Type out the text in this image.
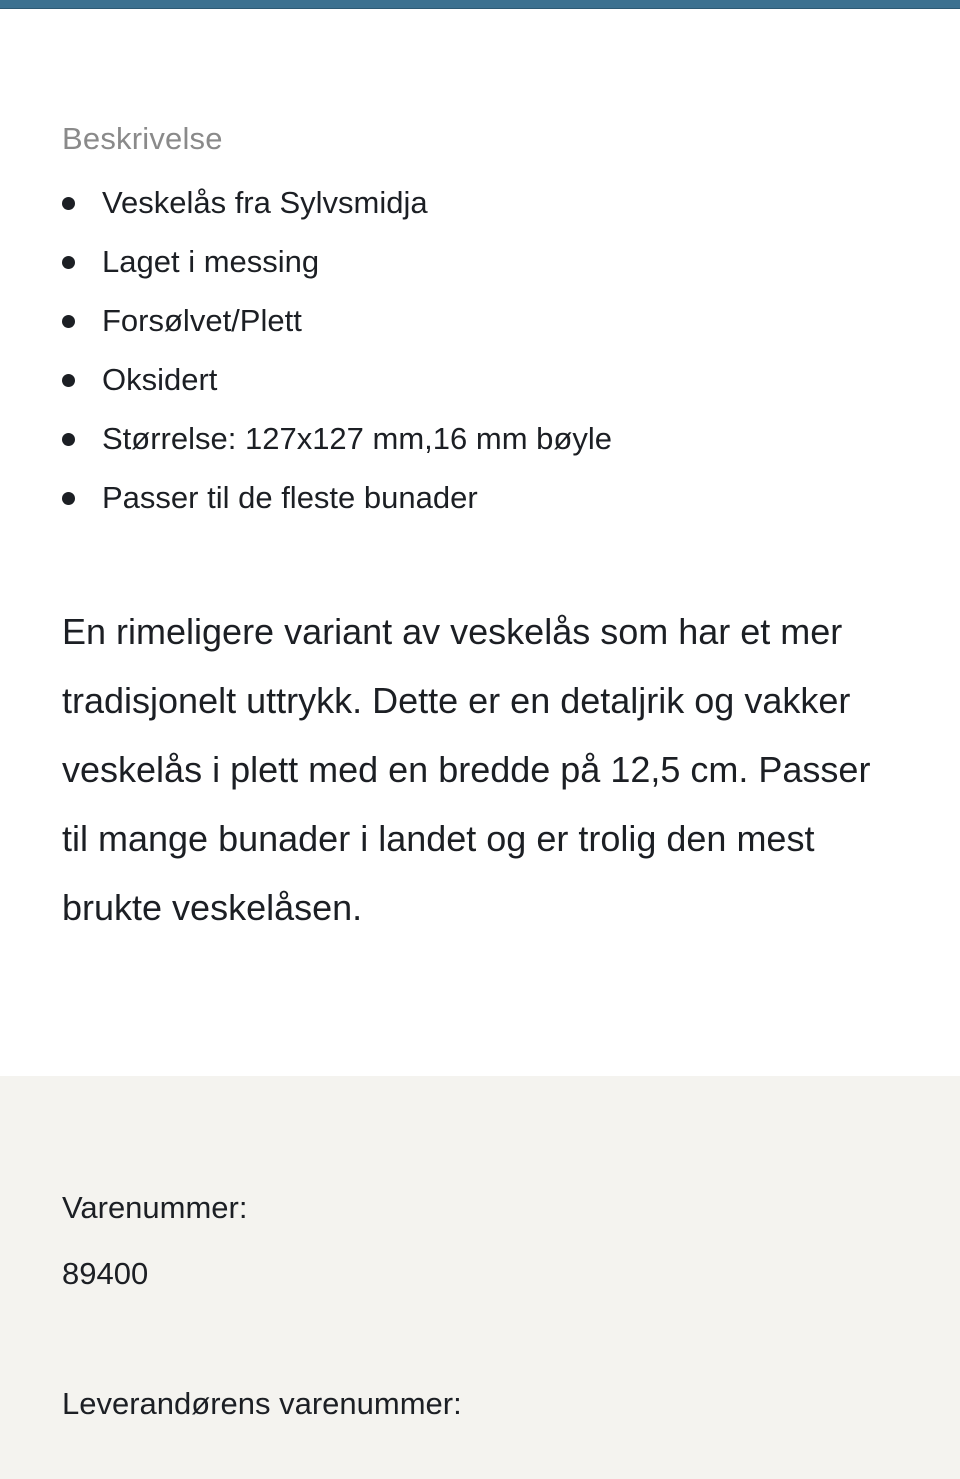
Beskrivelse
Veskelås fra Sylvsmidja
Laget i messing
Forsølvet/Plett
Oksidert
Størrelse: 127x127 mm,16 mm bøyle
Passer til de fleste bunader

En rimeligere variant av veskelås som har et mer tradisjonelt uttrykk. Dette er en detaljrik og vakker veskelås i plett med en bredde på 12,5 cm. Passer til mange bunader i landet og er trolig den mest brukte veskelåsen.

Varenummer:
89400
Leverandørens varenummer:
